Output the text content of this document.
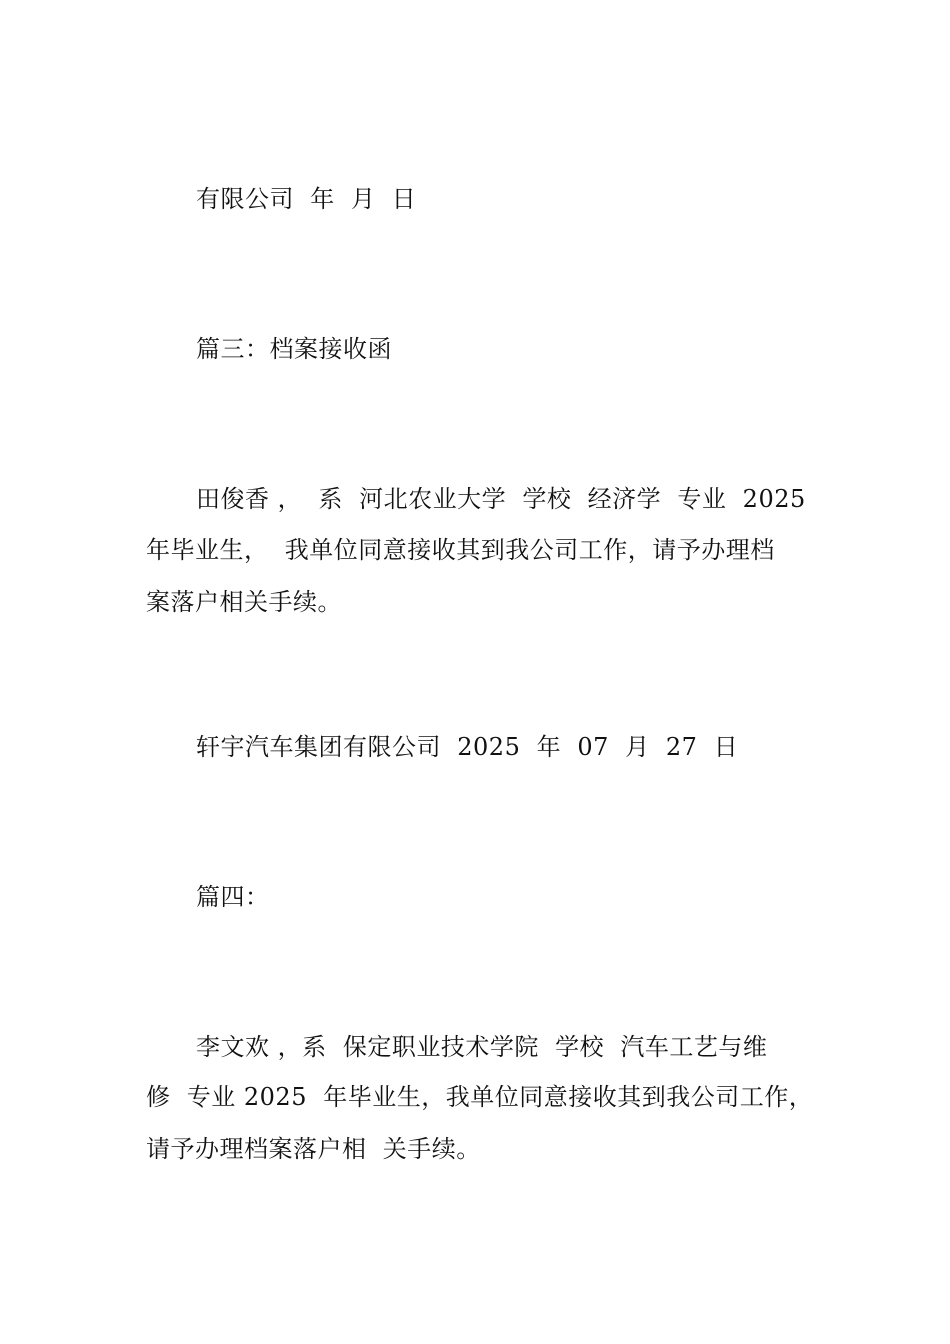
有限公司  年  月  日
篇三：档案接收函
田俊香 ，  系  河北农业大学  学校  经济学  专业  2025
年毕业生，  我单位同意接收其到我公司工作，请予办理档
案落户相关手续。
轩宇汽车集团有限公司  2025  年  07  月  27  日
篇四：
李文欢 ，系  保定职业技术学院  学校  汽车工艺与维
修  专业 2025  年毕业生，我单位同意接收其到我公司工作，
请予办理档案落户相  关手续。
